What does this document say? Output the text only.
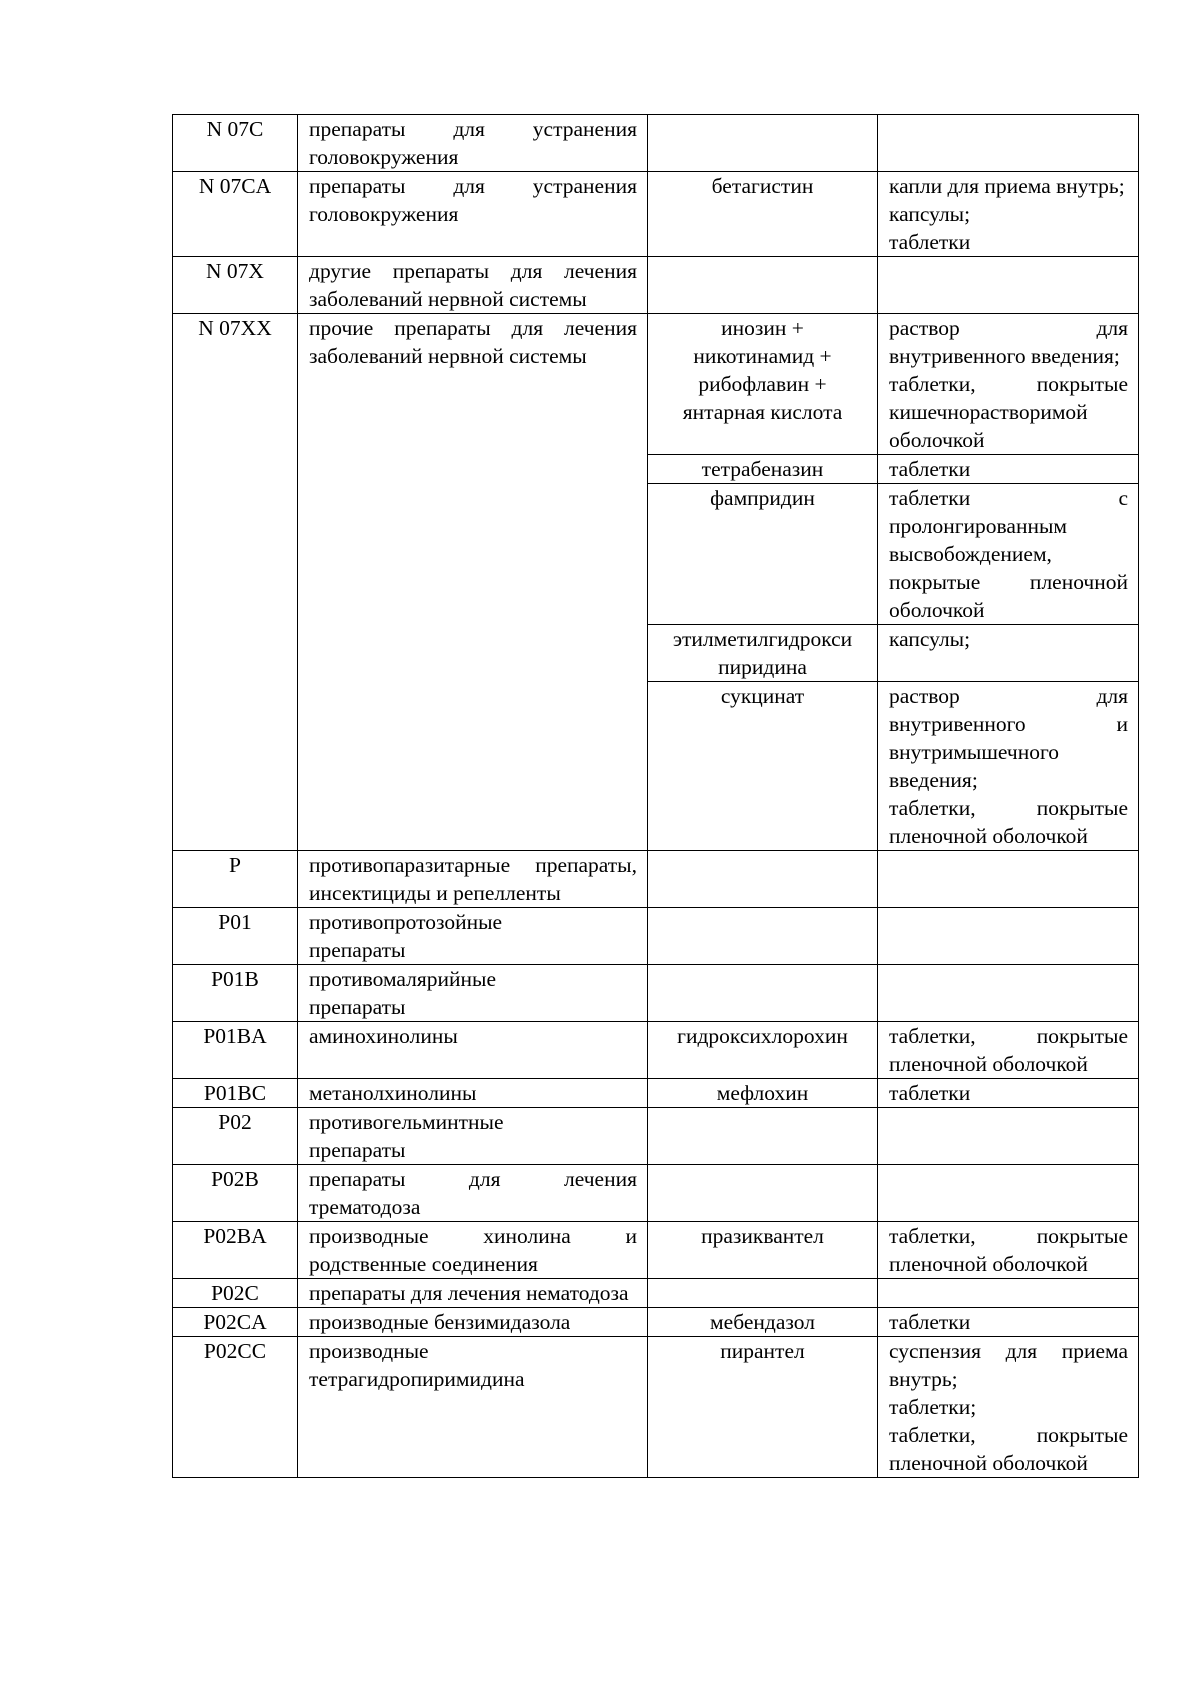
N 07C	препараты для устранения головокружения		
N 07CA	препараты для устранения головокружения	бетагистин	капли для приема внутрь;
капсулы;
таблетки

N 07X	другие препараты для лечения заболеваний нервной системы		
N 07XX	прочие препараты для лечения заболеваний нервной системы	инозин +
никотинамид +
рибофлавин +
янтарная кислота	раствор для внутривенного введения;
таблетки, покрытые кишечнорастворимой оболочкой

		тетрабеназин	таблетки

		фампридин	таблетки с пролонгированным высвобождением, покрытые пленочной оболочкой

		этилметилгидрокси пиридина	капсулы;

		сукцинат	раствор для внутривенного и внутримышечного введения;
таблетки, покрытые пленочной оболочкой

P	противопаразитарные препараты, инсектициды и репелленты		
P01	противопротозойные препараты		
P01B	противомалярийные препараты		
P01BA	аминохинолины	гидроксихлорохин	таблетки, покрытые пленочной оболочкой

P01BC	метанолхинолины	мефлохин	таблетки

P02	противогельминтные препараты		
P02B	препараты для лечения трематодоза		
P02BA	производные хинолина и родственные соединения	празиквантел	таблетки, покрытые пленочной оболочкой

P02C	препараты для лечения нематодоза		
P02CA	производные бензимидазола	мебендазол	таблетки

P02CC	производные тетрагидропиримидина	пирантел	суспензия для приема внутрь;
таблетки;
таблетки, покрытые пленочной оболочкой
